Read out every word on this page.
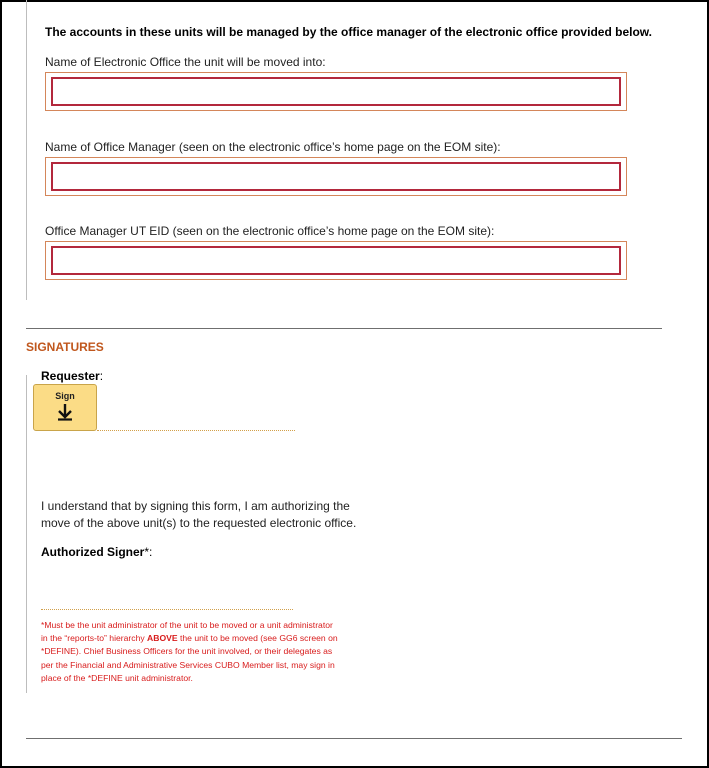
The accounts in these units will be managed by the office manager of the electronic office provided below.
Name of Electronic Office the unit will be moved into:
Name of Office Manager (seen on the electronic office’s home page on the EOM site):
Office Manager UT EID (seen on the electronic office’s home page on the EOM site):
SIGNATURES
Requester:
Sign
I understand that by signing this form, I am authorizing the move of the above unit(s) to the requested electronic office.
Authorized Signer*:
*Must be the unit administrator of the unit to be moved or a unit administrator in the “reports-to” hierarchy ABOVE the unit to be moved (see GG6 screen on *DEFINE). Chief Business Officers for the unit involved, or their delegates as per the Financial and Administrative Services CUBO Member list, may sign in place of the *DEFINE unit administrator.
